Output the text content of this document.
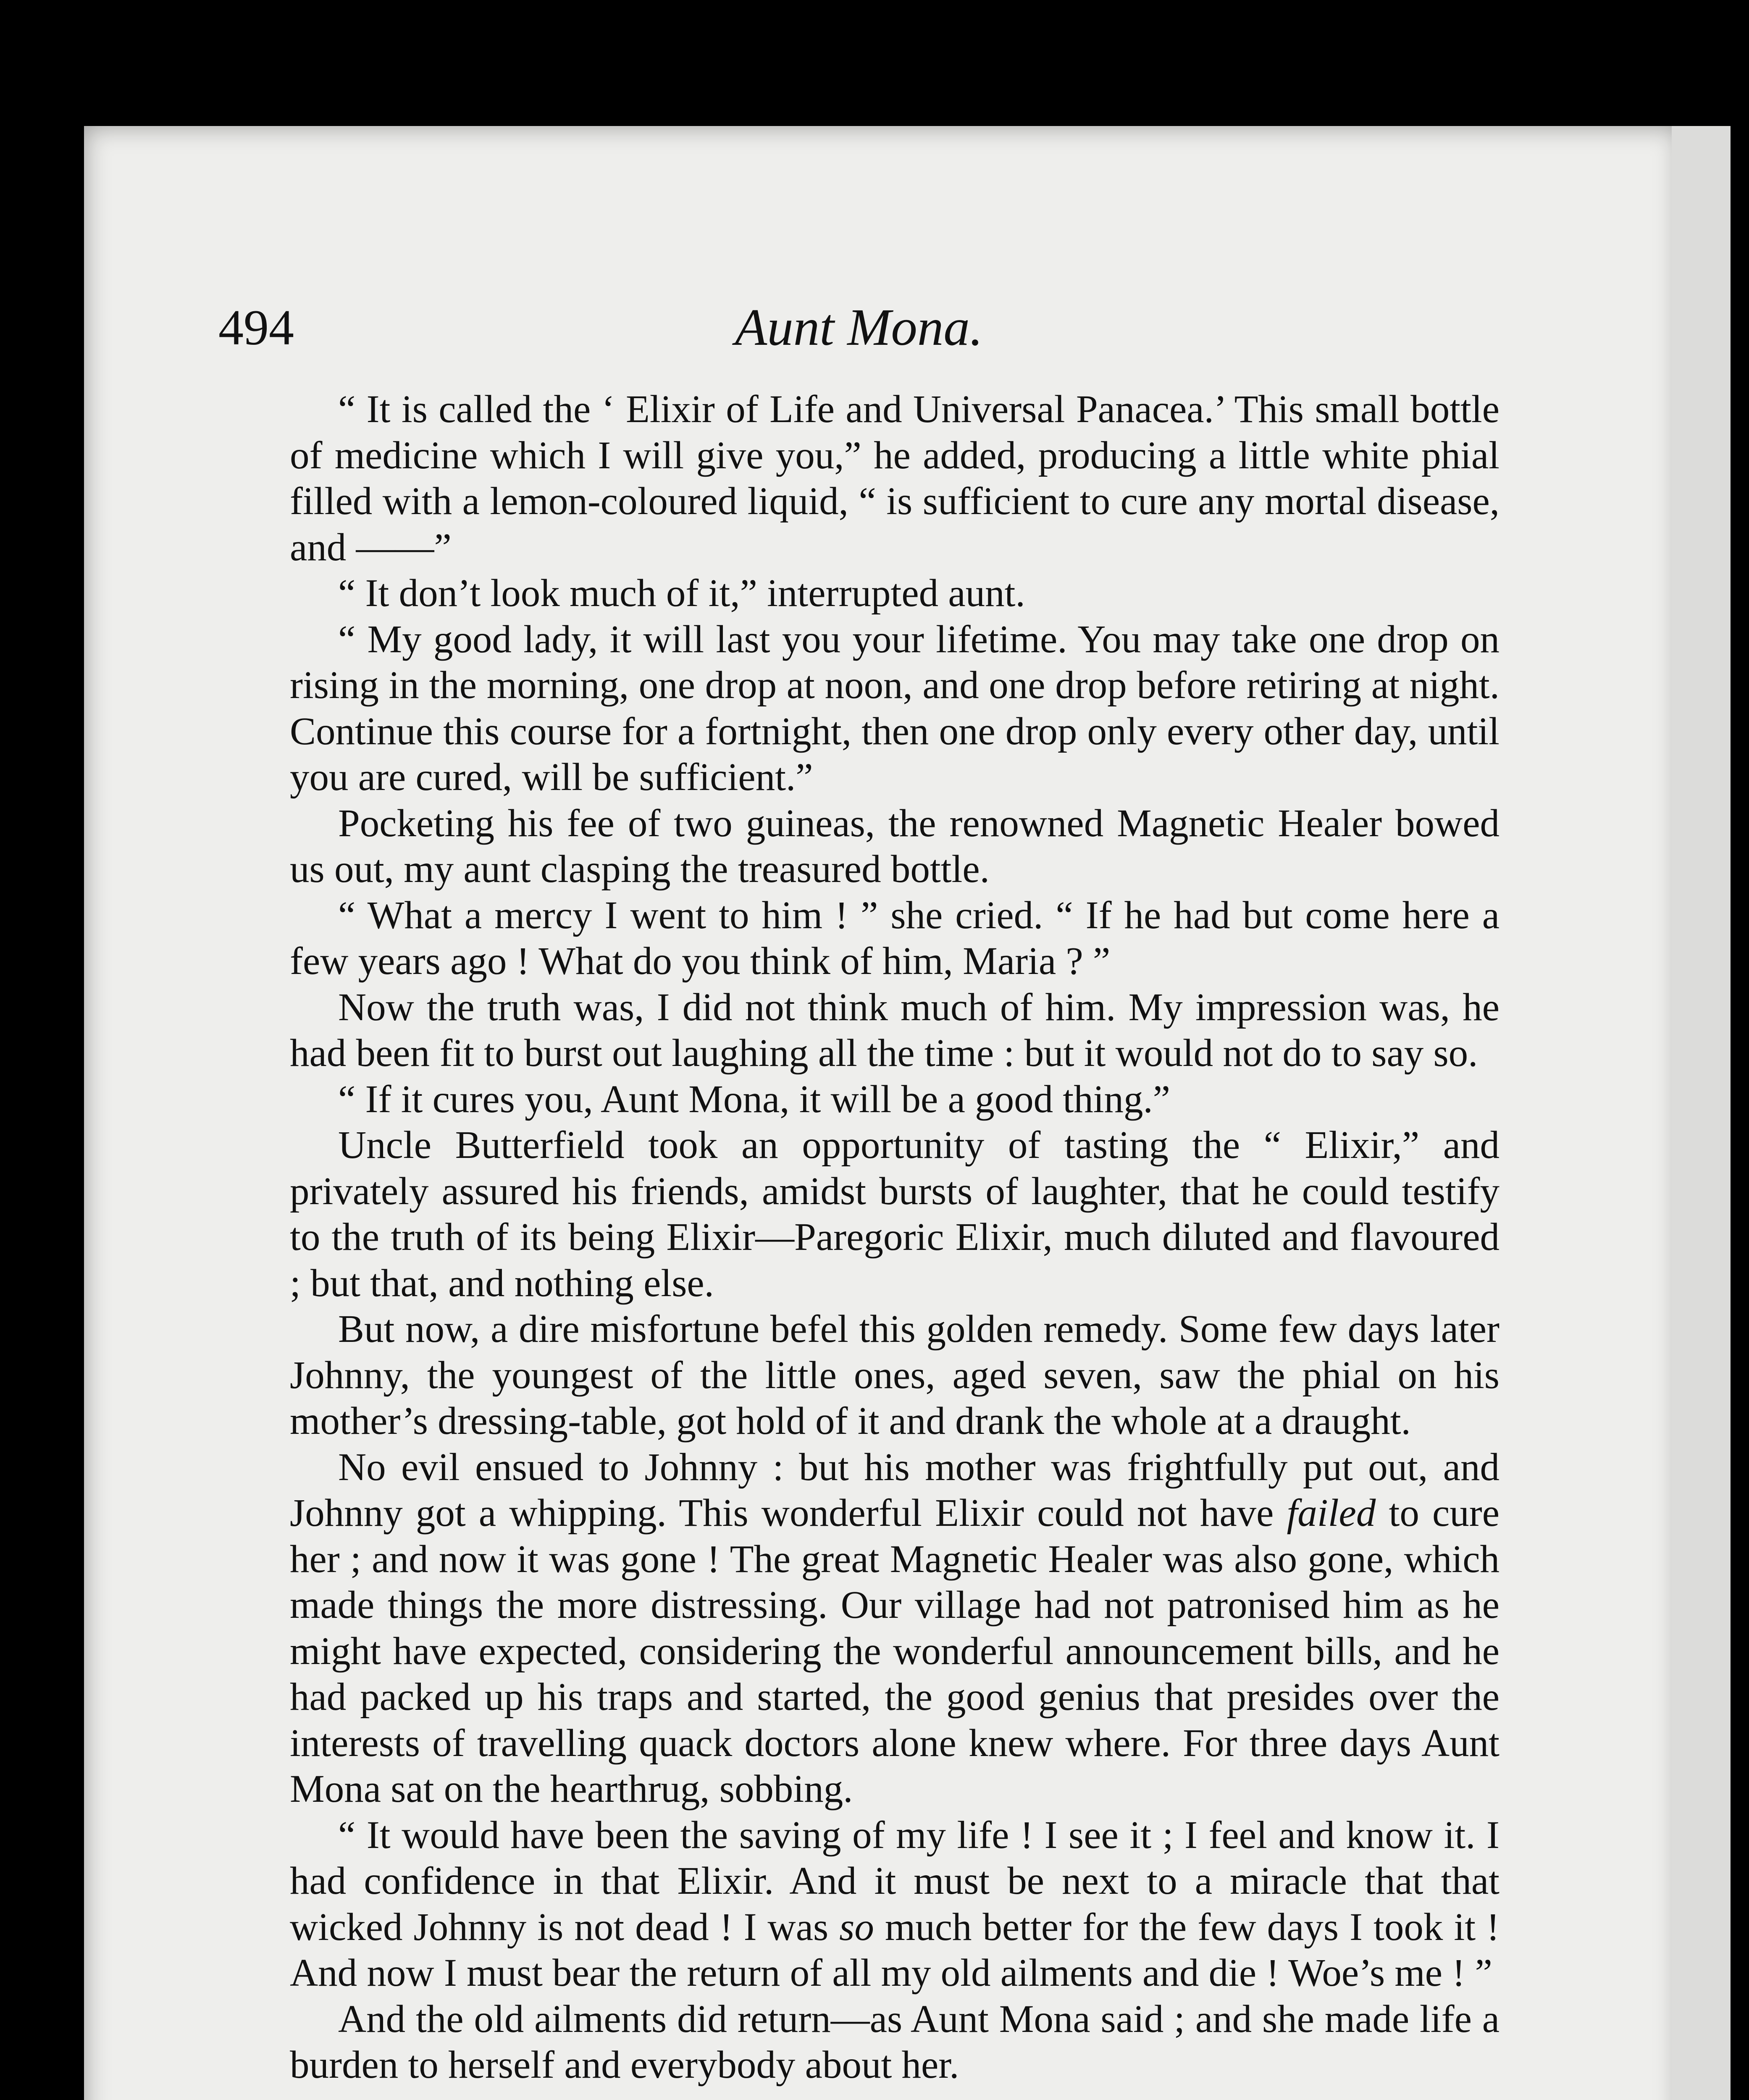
494	Aunt Mona.

“ It is called the ‘ Elixir of Life and Universal Panacea.’ This small bottle of medicine which I will give you,” he added, producing a little white phial filled with a lemon-coloured liquid, “ is sufficient to cure any mortal disease, and ——”

“ It don’t look much of it,” interrupted aunt.

“ My good lady, it will last you your lifetime. You may take one drop on rising in the morning, one drop at noon, and one drop before retiring at night. Continue this course for a fortnight, then one drop only every other day, until you are cured, will be sufficient.”

Pocketing his fee of two guineas, the renowned Magnetic Healer bowed us out, my aunt clasping the treasured bottle.

“ What a mercy I went to him ! ” she cried. “ If he had but come here a few years ago ! What do you think of him, Maria ? ”

Now the truth was, I did not think much of him. My impression was, he had been fit to burst out laughing all the time : but it would not do to say so.

“ If it cures you, Aunt Mona, it will be a good thing.”

Uncle Butterfield took an opportunity of tasting the “ Elixir,” and privately assured his friends, amidst bursts of laughter, that he could testify to the truth of its being Elixir—Paregoric Elixir, much diluted and flavoured ; but that, and nothing else.

But now, a dire misfortune befel this golden remedy. Some few days later Johnny, the youngest of the little ones, aged seven, saw the phial on his mother’s dressing-table, got hold of it and drank the whole at a draught.

No evil ensued to Johnny : but his mother was frightfully put out, and Johnny got a whipping. This wonderful Elixir could not have failed to cure her ; and now it was gone ! The great Magnetic Healer was also gone, which made things the more distressing. Our village had not patronised him as he might have expected, considering the wonderful announcement bills, and he had packed up his traps and started, the good genius that presides over the interests of travelling quack doctors alone knew where. For three days Aunt Mona sat on the hearthrug, sobbing.

“ It would have been the saving of my life ! I see it ; I feel and know it. I had confidence in that Elixir. And it must be next to a miracle that that wicked Johnny is not dead ! I was so much better for the few days I took it ! And now I must bear the return of all my old ailments and die ! Woe’s me ! ”

And the old ailments did return—as Aunt Mona said ; and she made life a burden to herself and everybody about her.
